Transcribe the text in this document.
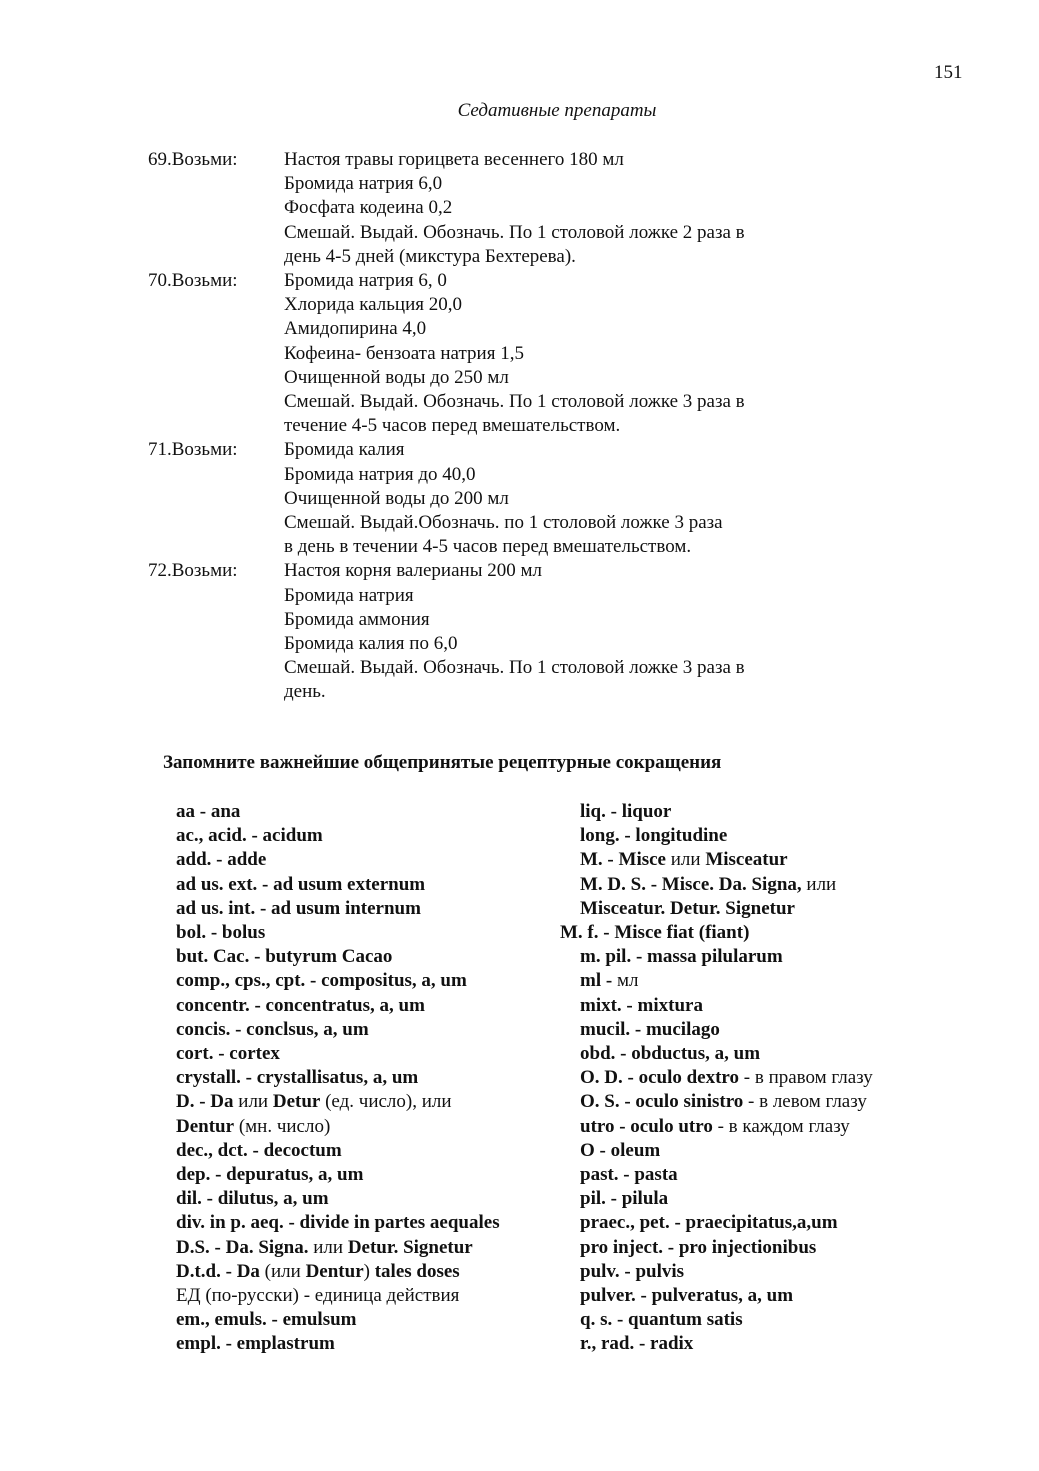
151
Седативные препараты
69.Возьми:	Настоя травы горицвета весеннего 180 мл
Бромида натрия 6,0
Фосфата кодеина 0,2
Смешай. Выдай. Обозначь. По 1 столовой ложке 2 раза в
день 4-5 дней (микстура Бехтерева).
70.Возьми:	Бромида натрия 6, 0
Хлорида кальция 20,0
Амидопирина 4,0
Кофеина- бензоата натрия 1,5
Очищенной воды до 250 мл
Смешай. Выдай. Обозначь. По 1 столовой ложке 3 раза в
течение 4-5 часов перед вмешательством.
71.Возьми:	Бромида калия
Бромида натрия до 40,0
Очищенной воды до 200 мл
Смешай. Выдай.Обозначь. по 1 столовой ложке 3 раза
в день в течении 4-5 часов перед вмешательством.
72.Возьми:	Настоя корня валерианы 200 мл
Бромида натрия
Бромида аммония
Бромида калия по 6,0
Смешай. Выдай. Обозначь. По 1 столовой ложке 3 раза в
день.
Запомните важнейшие общепринятые рецептурные сокращения
aa - ana
ac., acid. - acidum
add. - adde
ad us. ext. - ad usum externum
ad us. int. - ad usum internum
bol. - bolus
but. Cac. - butyrum Cacao
comp., cps., cpt. - compositus, a, um
concentr. - concentratus, a, um
concis. - conclsus, a, um
cort. - cortex
crystall. - crystallisatus, a, um
D. - Da или Detur (ед. число), или
Dentur (мн. число)
dec., dct. - decoctum
dep. - depuratus, a, um
dil. - dilutus, a, um
div. in p. aeq. - divide in partes aequales
D.S. - Da. Signa. или Detur. Signetur
D.t.d. - Da (или Dentur) tales doses
ЕД (по-русски) - единица действия
em., emuls. - emulsum
empl. - emplastrum
liq. - liquor
long. - longitudine
M. - Misce или Misceatur
M. D. S. - Misce. Da. Signa, или
Misceatur. Detur. Signetur
M. f. - Misce fiat (fiant)
m. pil. - massa pilularum
ml - мл
mixt. - mixtura
mucil. - mucilago
obd. - obductus, a, um
O. D. - oculo dextro - в правом глазу
O. S. - oculo sinistro - в левом глазу
utro - oculo utro - в каждом глазу
O - oleum
past. - pasta
pil. - pilula
praec., pet. - praecipitatus,a,um
pro inject. - pro injectionibus
pulv. - pulvis
pulver. - pulveratus, a, um
q. s. - quantum satis
r., rad. - radix
